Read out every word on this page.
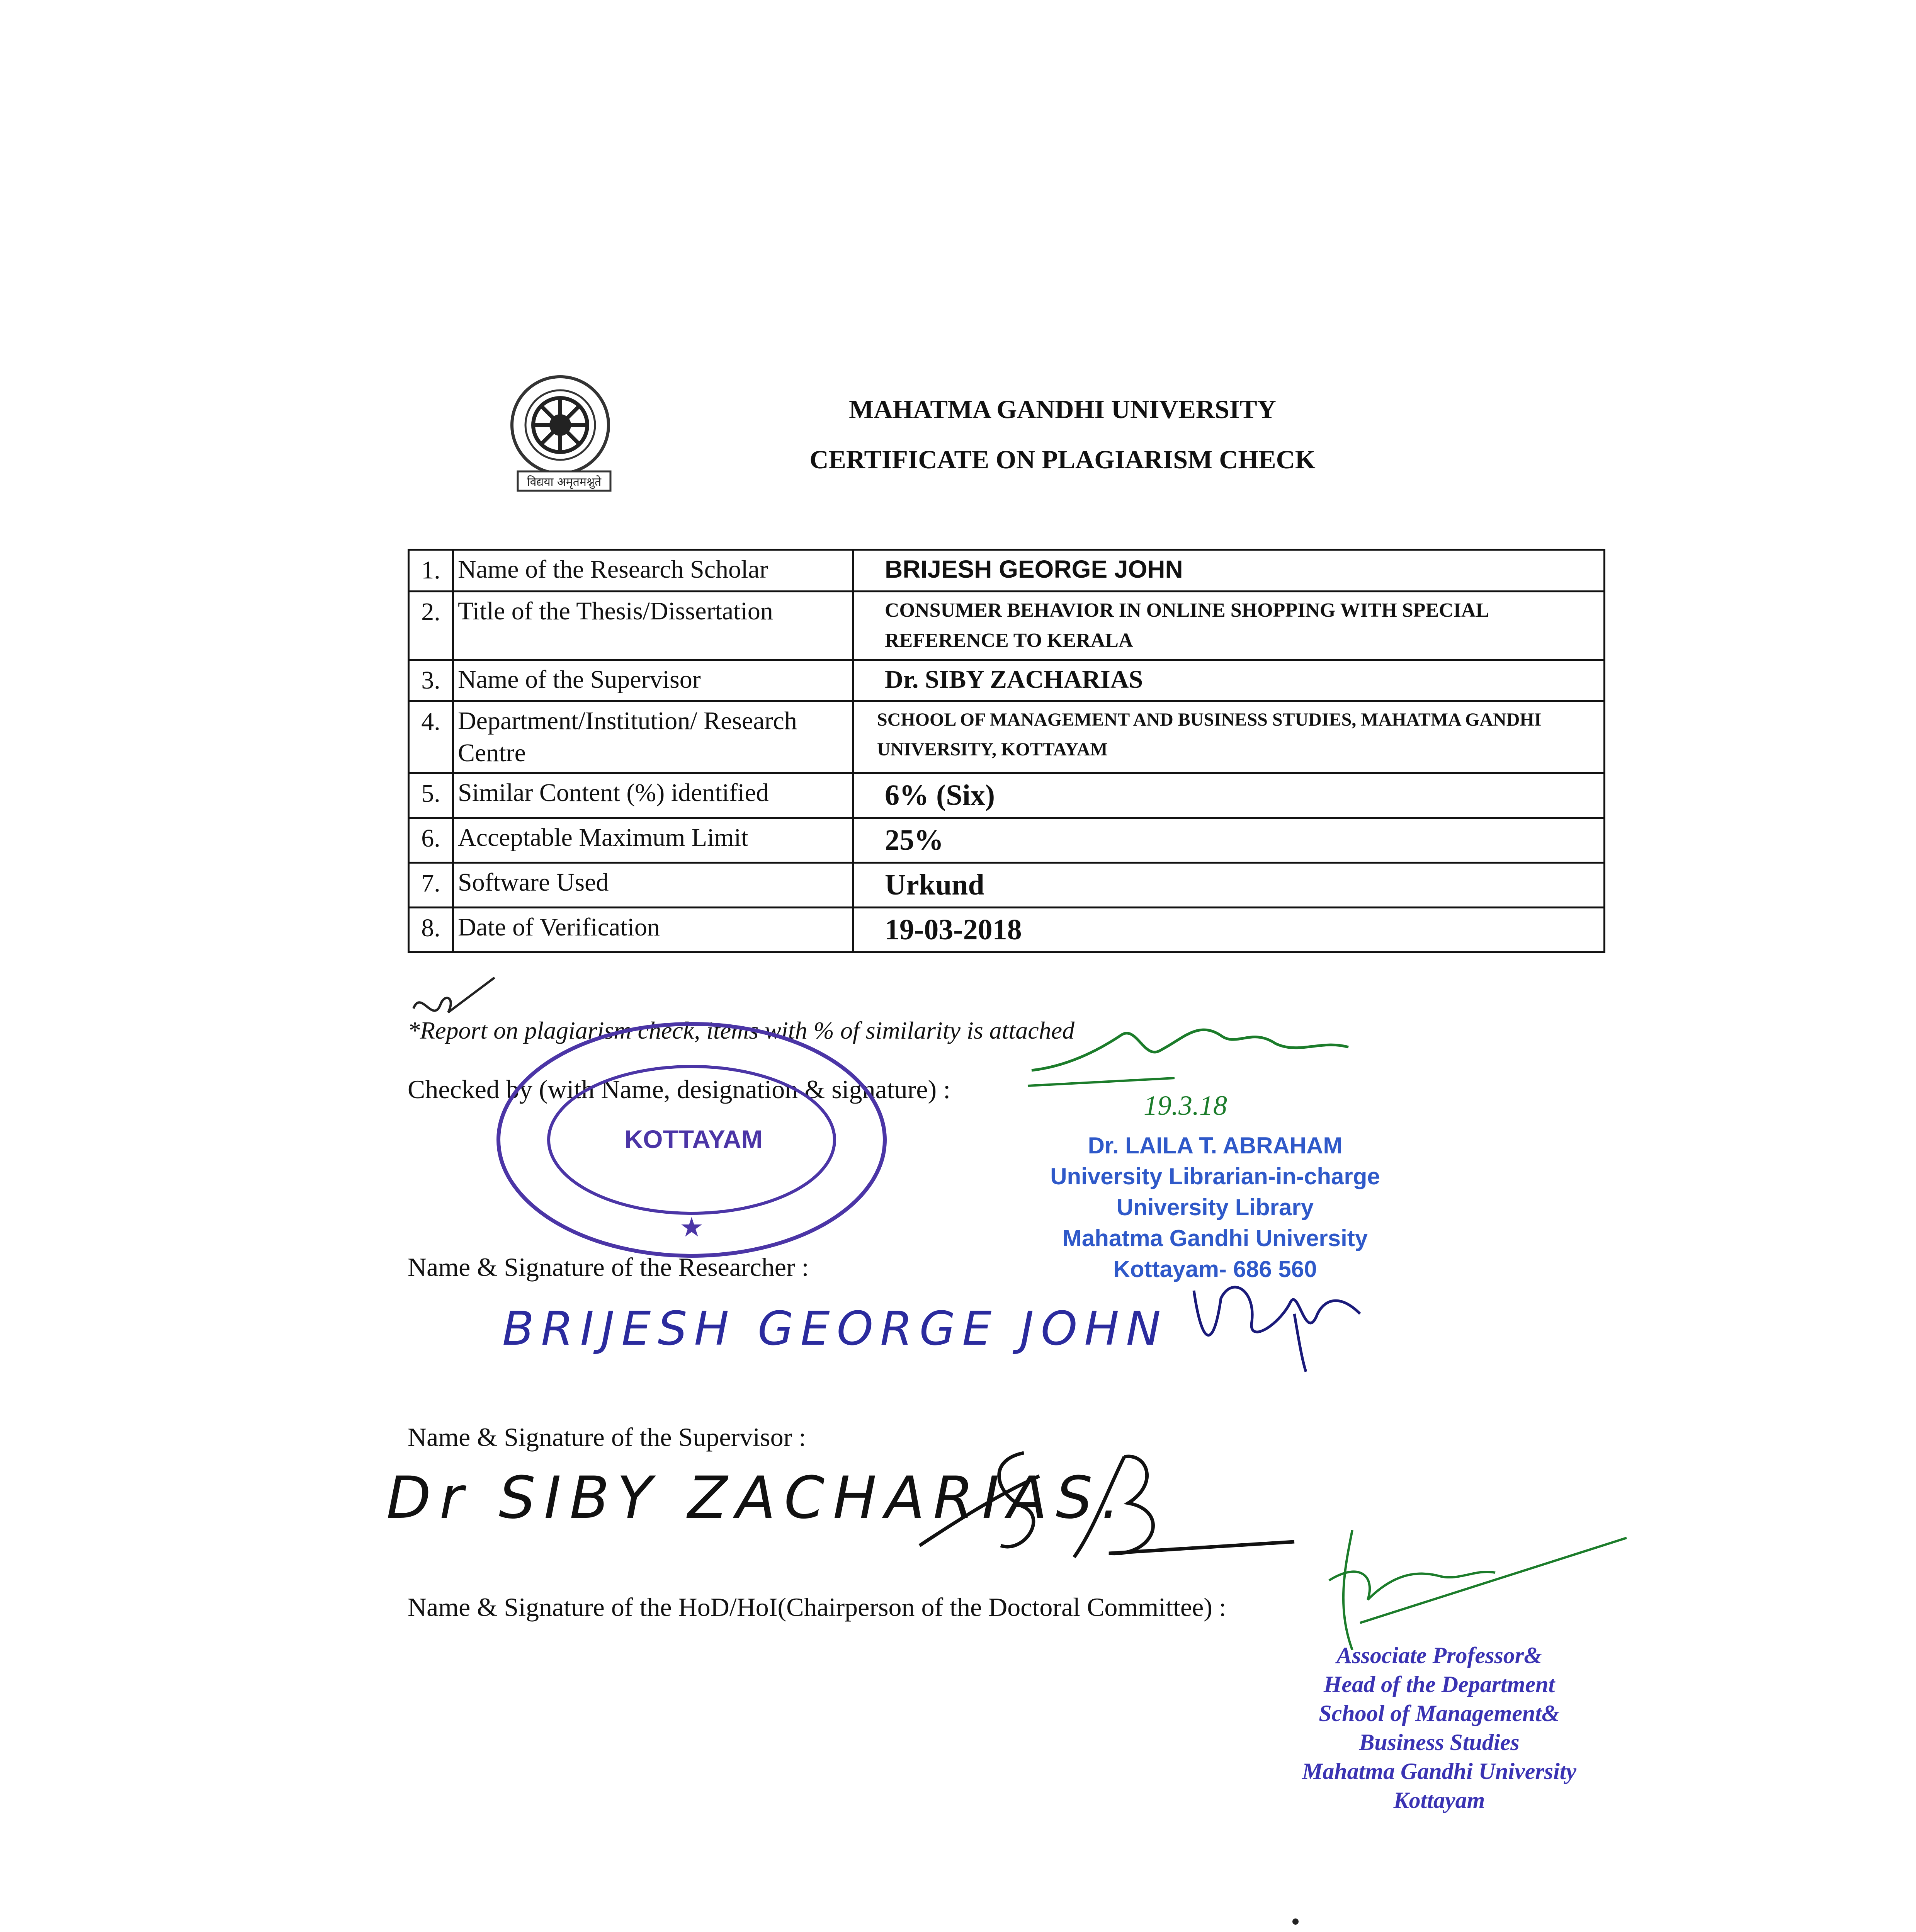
विद्यया अमृतमश्नुते
MAHATMA GANDHI UNIVERSITY
CERTIFICATE ON PLAGIARISM CHECK
1.	Name of the Research Scholar	BRIJESH GEORGE JOHN
2.	Title of the Thesis/Dissertation	CONSUMER BEHAVIOR IN ONLINE SHOPPING WITH SPECIAL REFERENCE TO KERALA
3.	Name of the Supervisor	Dr. SIBY ZACHARIAS
4.	Department/Institution/ Research Centre	SCHOOL OF MANAGEMENT AND BUSINESS STUDIES, MAHATMA GANDHI UNIVERSITY, KOTTAYAM
5.	Similar Content (%) identified	6% (Six)
6.	Acceptable Maximum Limit	25%
7.	Software Used	Urkund
8.	Date of Verification	19-03-2018
*Report on plagiarism check, items with % of similarity is attached
Checked by (with Name, designation & signature) :
★
KOTTAYAM
19.3.18
Dr. LAILA T. ABRAHAM
University Librarian-in-charge
University Library
Mahatma Gandhi University
Kottayam- 686 560
Name & Signature of the Researcher :
BRIJESH GEORGE JOHN
Name & Signature of the Supervisor :
Dr SIBY ZACHARIAS.
Name & Signature of the HoD/HoI(Chairperson of the Doctoral Committee) :
Associate Professor&
Head of the Department
School of Management&
Business Studies
Mahatma Gandhi University
Kottayam
